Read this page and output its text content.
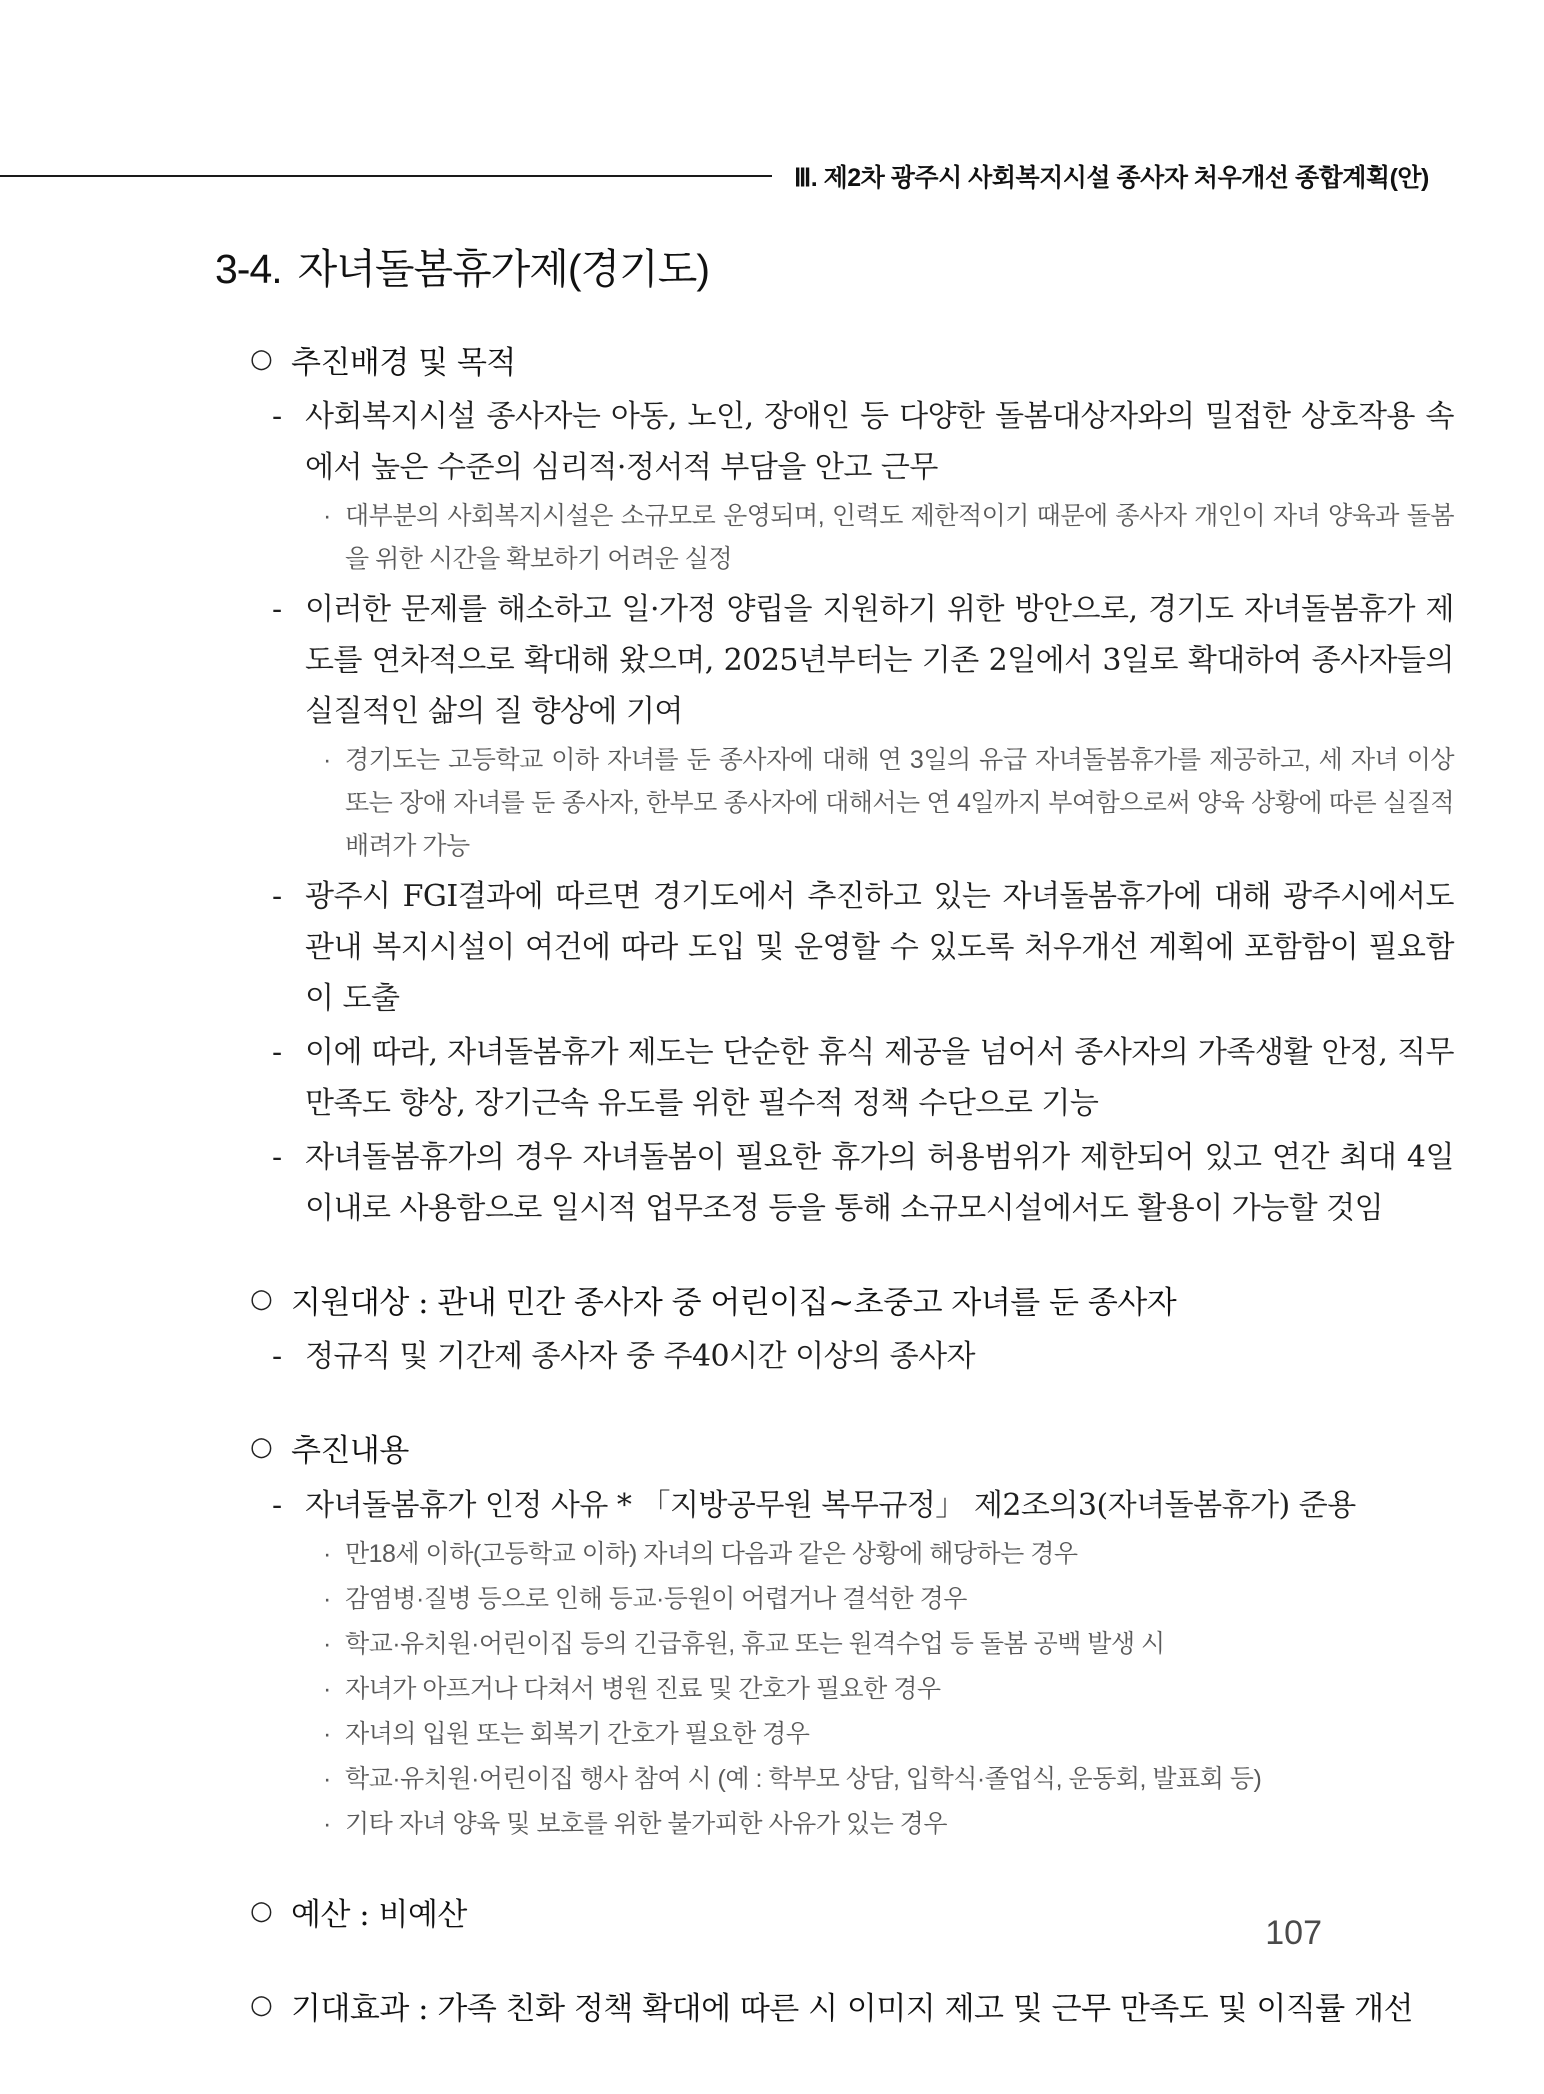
Ⅲ. 제2차 광주시 사회복지시설 종사자 처우개선 종합계획(안)
3-4. 자녀돌봄휴가제(경기도)
○ 추진배경 및 목적
- 사회복지시설 종사자는 아동, 노인, 장애인 등 다양한 돌봄대상자와의 밀접한 상호작용 속에서 높은 수준의 심리적·정서적 부담을 안고 근무
· 대부분의 사회복지시설은 소규모로 운영되며, 인력도 제한적이기 때문에 종사자 개인이 자녀 양육과 돌봄을 위한 시간을 확보하기 어려운 실정
- 이러한 문제를 해소하고 일·가정 양립을 지원하기 위한 방안으로, 경기도 자녀돌봄휴가 제도를 연차적으로 확대해 왔으며, 2025년부터는 기존 2일에서 3일로 확대하여 종사자들의 실질적인 삶의 질 향상에 기여
· 경기도는 고등학교 이하 자녀를 둔 종사자에 대해 연 3일의 유급 자녀돌봄휴가를 제공하고, 세 자녀 이상 또는 장애 자녀를 둔 종사자, 한부모 종사자에 대해서는 연 4일까지 부여함으로써 양육 상황에 따른 실질적 배려가 가능
- 광주시 FGI결과에 따르면 경기도에서 추진하고 있는 자녀돌봄휴가에 대해 광주시에서도 관내 복지시설이 여건에 따라 도입 및 운영할 수 있도록 처우개선 계획에 포함함이 필요함이 도출
- 이에 따라, 자녀돌봄휴가 제도는 단순한 휴식 제공을 넘어서 종사자의 가족생활 안정, 직무만족도 향상, 장기근속 유도를 위한 필수적 정책 수단으로 기능
- 자녀돌봄휴가의 경우 자녀돌봄이 필요한 휴가의 허용범위가 제한되어 있고 연간 최대 4일 이내로 사용함으로 일시적 업무조정 등을 통해 소규모시설에서도 활용이 가능할 것임
○ 지원대상 : 관내 민간 종사자 중 어린이집~초중고 자녀를 둔 종사자
- 정규직 및 기간제 종사자 중 주40시간 이상의 종사자
○ 추진내용
- 자녀돌봄휴가 인정 사유 * 「지방공무원 복무규정」 제2조의3(자녀돌봄휴가) 준용
· 만18세 이하(고등학교 이하) 자녀의 다음과 같은 상황에 해당하는 경우
· 감염병·질병 등으로 인해 등교·등원이 어렵거나 결석한 경우
· 학교·유치원·어린이집 등의 긴급휴원, 휴교 또는 원격수업 등 돌봄 공백 발생 시
· 자녀가 아프거나 다쳐서 병원 진료 및 간호가 필요한 경우
· 자녀의 입원 또는 회복기 간호가 필요한 경우
· 학교·유치원·어린이집 행사 참여 시 (예 : 학부모 상담, 입학식·졸업식, 운동회, 발표회 등)
· 기타 자녀 양육 및 보호를 위한 불가피한 사유가 있는 경우
○ 예산 : 비예산
○ 기대효과 : 가족 친화 정책 확대에 따른 시 이미지 제고 및 근무 만족도 및 이직률 개선
107
